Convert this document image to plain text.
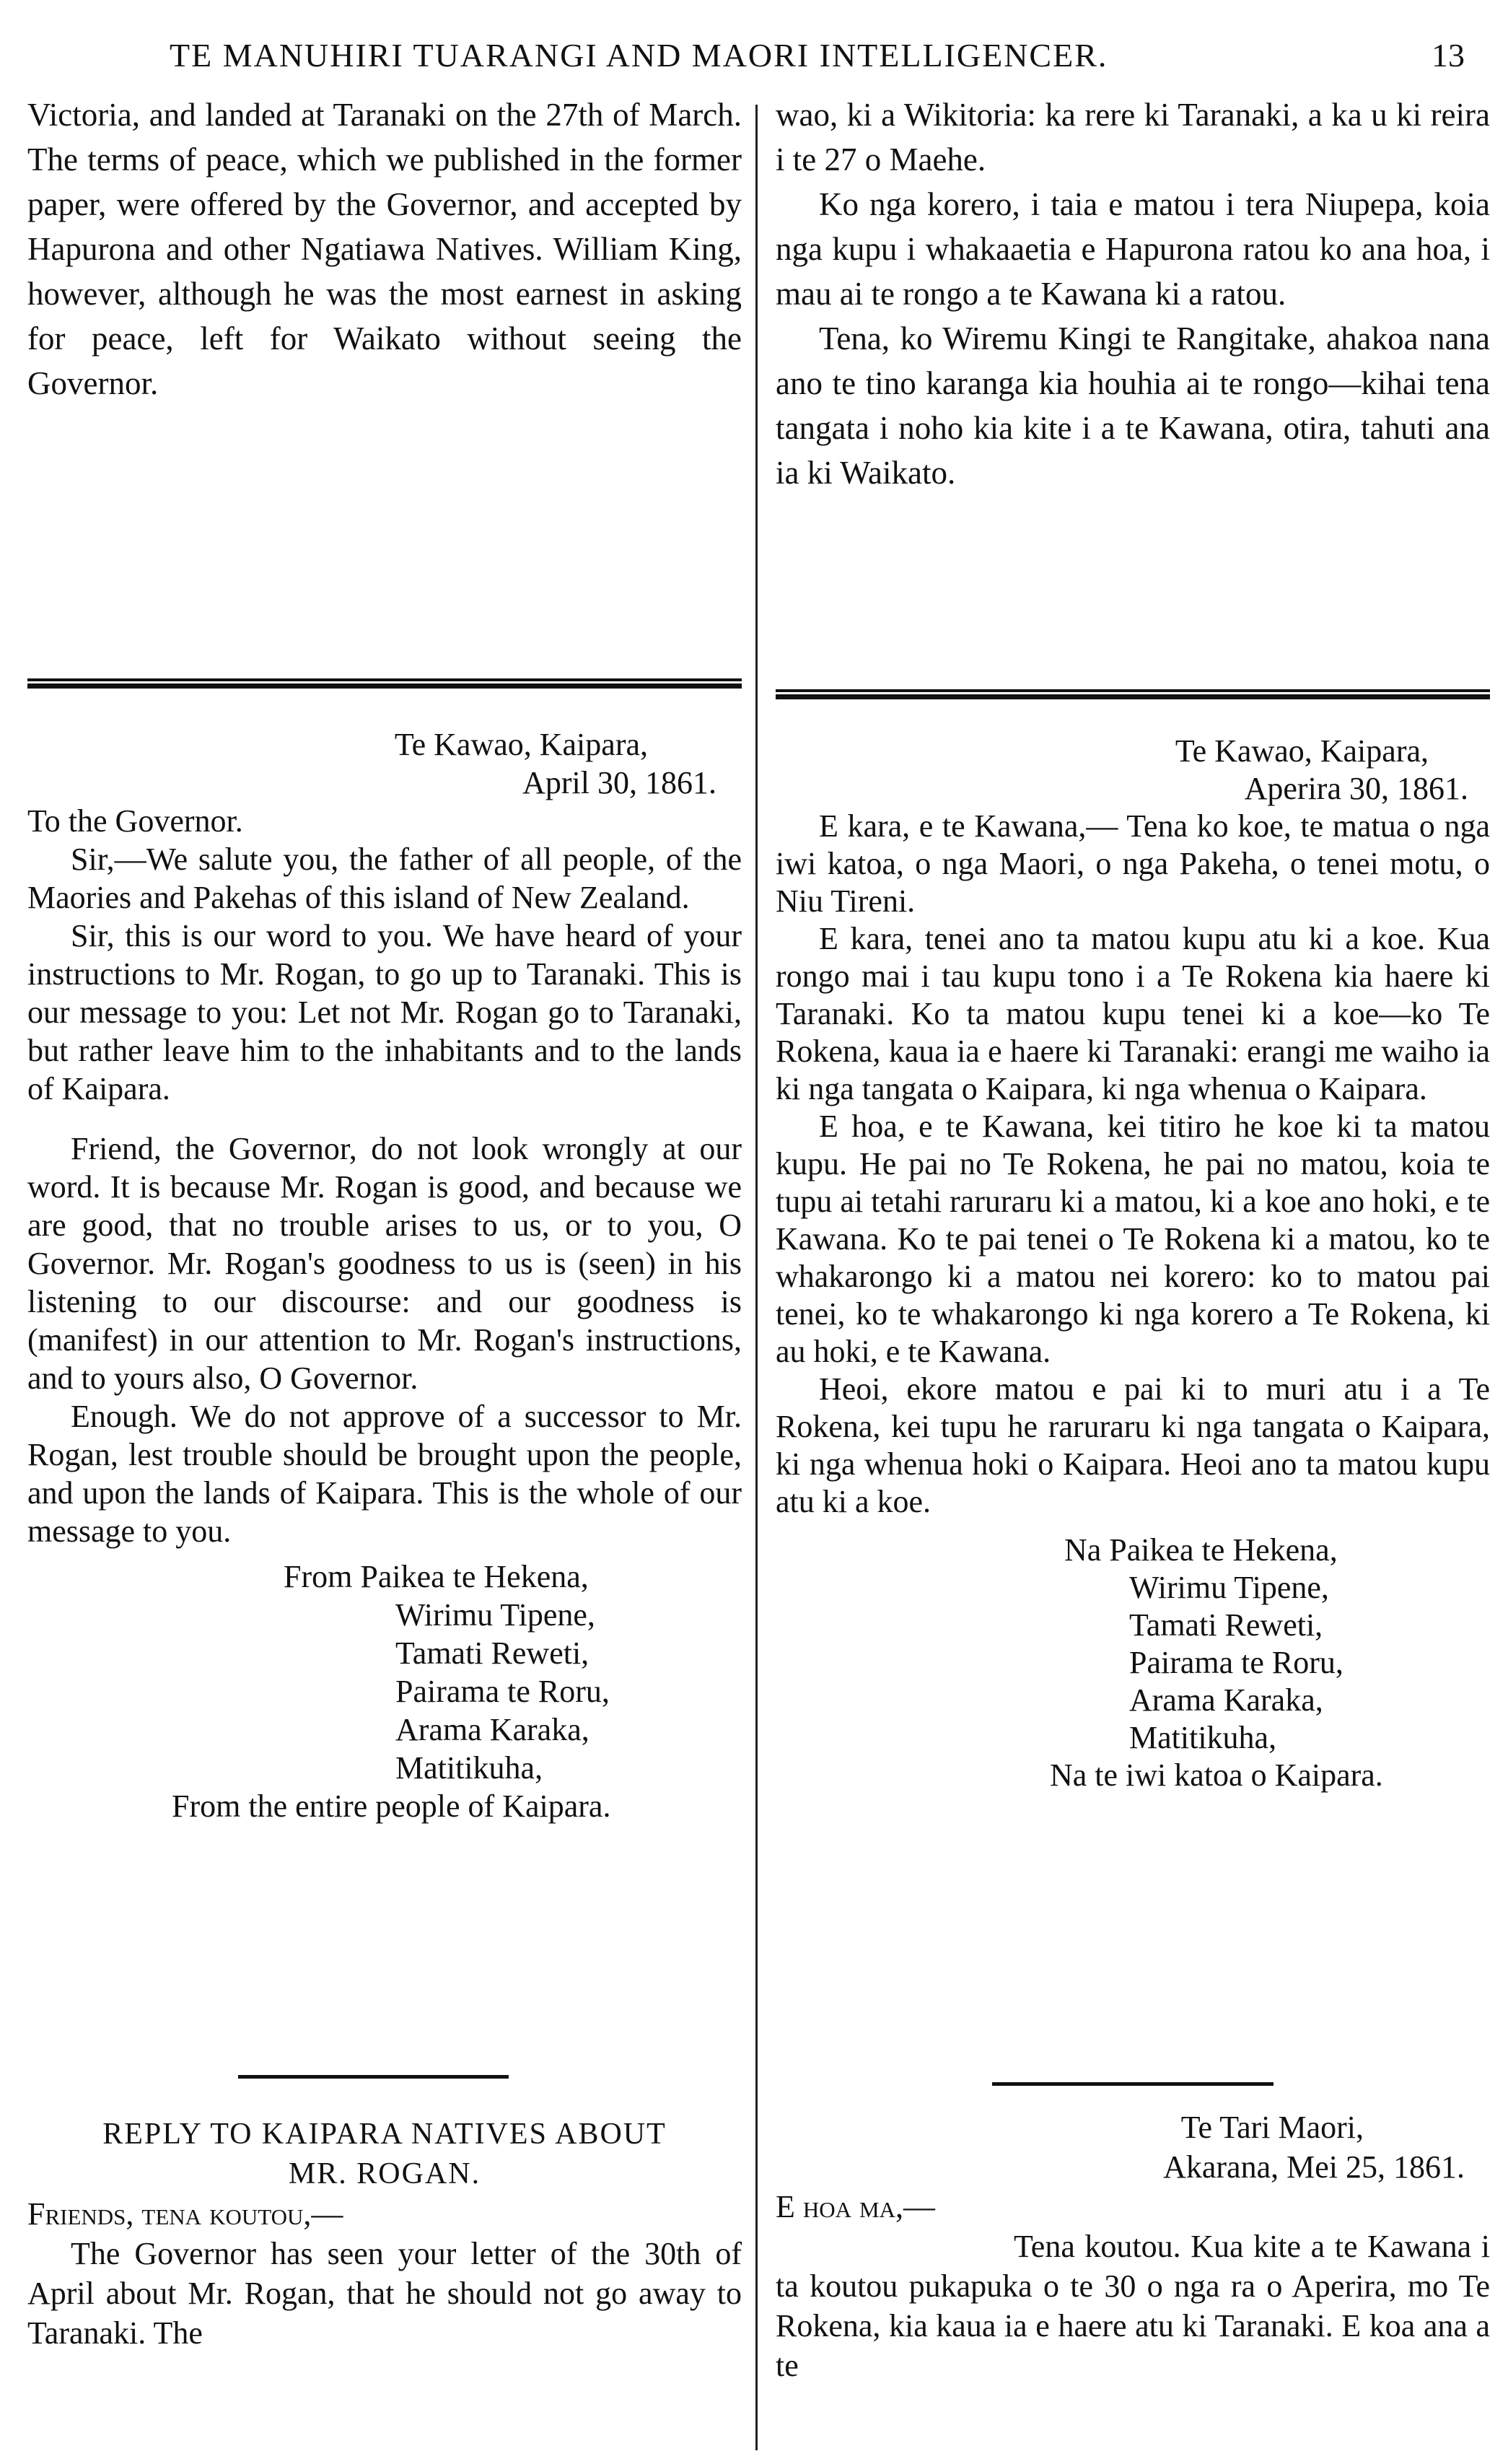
TE MANUHIRI TUARANGI AND MAORI INTELLIGENCER.	13

Victoria, and landed at Taranaki on the 27th of March. The terms of peace, which we published in the former paper, were offered by the Governor, and accepted by Hapurona and other Ngatiawa Natives. William King, however, although he was the most earnest in asking for peace, left for Waikato without seeing the Governor.

wao, ki a Wikitoria: ka rere ki Taranaki, a ka u ki reira i te 27 o Maehe.

Ko nga korero, i taia e matou i tera Niupepa, koia nga kupu i whakaaetia e Hapurona ratou ko ana hoa, i mau ai te rongo a te Kawana ki a ratou.

Tena, ko Wiremu Kingi te Rangitake, ahakoa nana ano te tino karanga kia houhia ai te rongo—kihai tena tangata i noho kia kite i a te Kawana, otira, tahuti ana ia ki Waikato.

Te Kawao, Kaipara,
April 30, 1861.

To the Governor.

Sir,—We salute you, the father of all people, of the Maories and Pakehas of this island of New Zealand.

Sir, this is our word to you. We have heard of your instructions to Mr. Rogan, to go up to Taranaki. This is our message to you: Let not Mr. Rogan go to Taranaki, but rather leave him to the inhabitants and to the lands of Kaipara.

Friend, the Governor, do not look wrongly at our word. It is because Mr. Rogan is good, and because we are good, that no trouble arises to us, or to you, O Governor. Mr. Rogan's goodness to us is (seen) in his listening to our discourse: and our goodness is (manifest) in our attention to Mr. Rogan's instructions, and to yours also, O Governor.

Enough. We do not approve of a successor to Mr. Rogan, lest trouble should be brought upon the people, and upon the lands of Kaipara. This is the whole of our message to you.

From Paikea te Hekena,
Wirimu Tipene,
Tamati Reweti,
Pairama te Roru,
Arama Karaka,
Matitikuha,
From the entire people of Kaipara.
Te Kawao, Kaipara,
Aperira 30, 1861.

E kara, e te Kawana,— Tena ko koe, te matua o nga iwi katoa, o nga Maori, o nga Pakeha, o tenei motu, o Niu Tireni.

E kara, tenei ano ta matou kupu atu ki a koe. Kua rongo mai i tau kupu tono i a Te Rokena kia haere ki Taranaki. Ko ta matou kupu tenei ki a koe—ko Te Rokena, kaua ia e haere ki Taranaki: erangi me waiho ia ki nga tangata o Kaipara, ki nga whenua o Kaipara.

E hoa, e te Kawana, kei titiro he koe ki ta matou kupu. He pai no Te Rokena, he pai no matou, koia te tupu ai tetahi raruraru ki a matou, ki a koe ano hoki, e te Kawana. Ko te pai tenei o Te Rokena ki a matou, ko te whakarongo ki a matou nei korero: ko to matou pai tenei, ko te whakarongo ki nga korero a Te Rokena, ki au hoki, e te Kawana.

Heoi, ekore matou e pai ki to muri atu i a Te Rokena, kei tupu he raruraru ki nga tangata o Kaipara, ki nga whenua hoki o Kaipara. Heoi ano ta matou kupu atu ki a koe.

Na Paikea te Hekena,
Wirimu Tipene,
Tamati Reweti,
Pairama te Roru,
Arama Karaka,
Matitikuha,
Na te iwi katoa o Kaipara.
REPLY TO KAIPARA NATIVES ABOUT
MR. ROGAN.

Friends, tena koutou,—

The Governor has seen your letter of the 30th of April about Mr. Rogan, that he should not go away to Taranaki. The

Te Tari Maori,
Akarana, Mei 25, 1861.

E hoa ma,—

Tena koutou. Kua kite a te Kawana i ta koutou pukapuka o te 30 o nga ra o Aperira, mo Te Rokena, kia kaua ia e haere atu ki Taranaki. E koa ana a te
